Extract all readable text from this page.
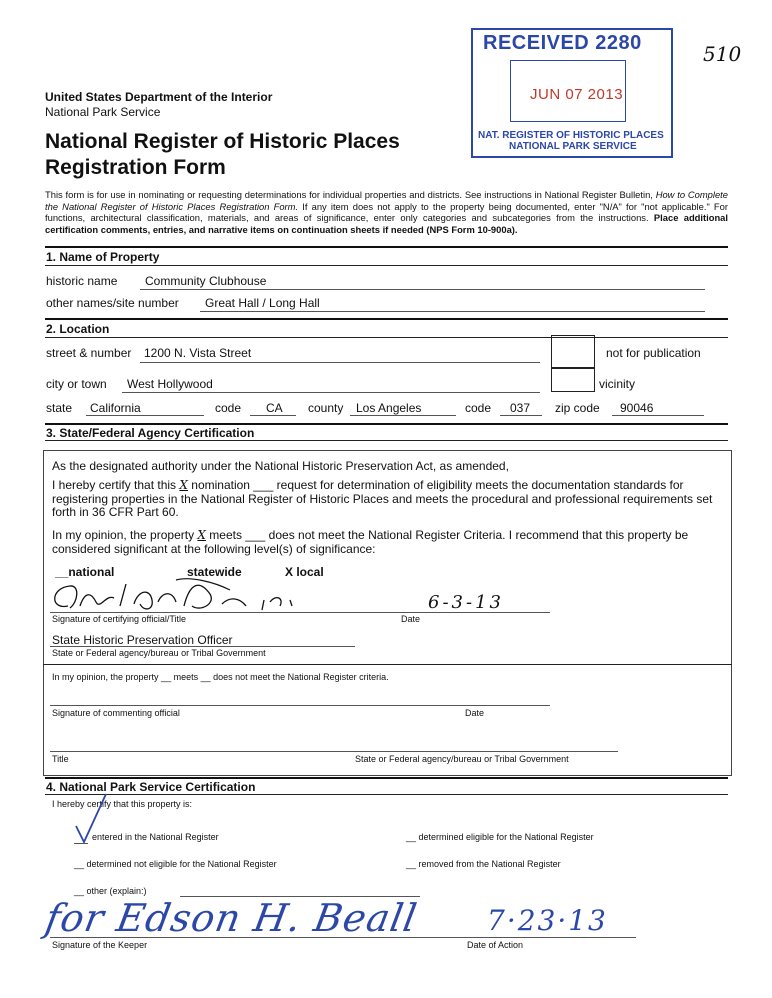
RECEIVED 2280
JUN 07 2013
NAT. REGISTER OF HISTORIC PLACES
NATIONAL PARK SERVICE
510
United States Department of the Interior
National Park Service
National Register of Historic Places
Registration Form
This form is for use in nominating or requesting determinations for individual properties and districts. See instructions in National Register Bulletin, How to Complete the National Register of Historic Places Registration Form. If any item does not apply to the property being documented, enter "N/A" for "not applicable." For functions, architectural classification, materials, and areas of significance, enter only categories and subcategories from the instructions. Place additional certification comments, entries, and narrative items on continuation sheets if needed (NPS Form 10-900a).
1. Name of Property
historic name Community Clubhouse
other names/site number Great Hall / Long Hall
2. Location
street & number 1200 N. Vista Street	not for publication
city or town West Hollywood	vicinity
state California	code CA county Los Angeles	code 037 zip code 90046
3. State/Federal Agency Certification
As the designated authority under the National Historic Preservation Act, as amended,
I hereby certify that this X nomination ___ request for determination of eligibility meets the documentation standards for registering properties in the National Register of Historic Places and meets the procedural and professional requirements set forth in 36 CFR Part 60.
In my opinion, the property X meets ___ does not meet the National Register Criteria. I recommend that this property be considered significant at the following level(s) of significance:
__national	statewide	X local
6-3-13
Signature of certifying official/Title	Date
State Historic Preservation Officer
State or Federal agency/bureau or Tribal Government
In my opinion, the property __ meets __ does not meet the National Register criteria.
Signature of commenting official	Date
Title	State or Federal agency/bureau or Tribal Government
4. National Park Service Certification
I hereby certify that this property is:
entered in the National Register	__ determined eligible for the National Register
__ determined not eligible for the National Register	__ removed from the National Register
__ other (explain:)
for Edson H. Beall 7·23·13
Signature of the Keeper	Date of Action
